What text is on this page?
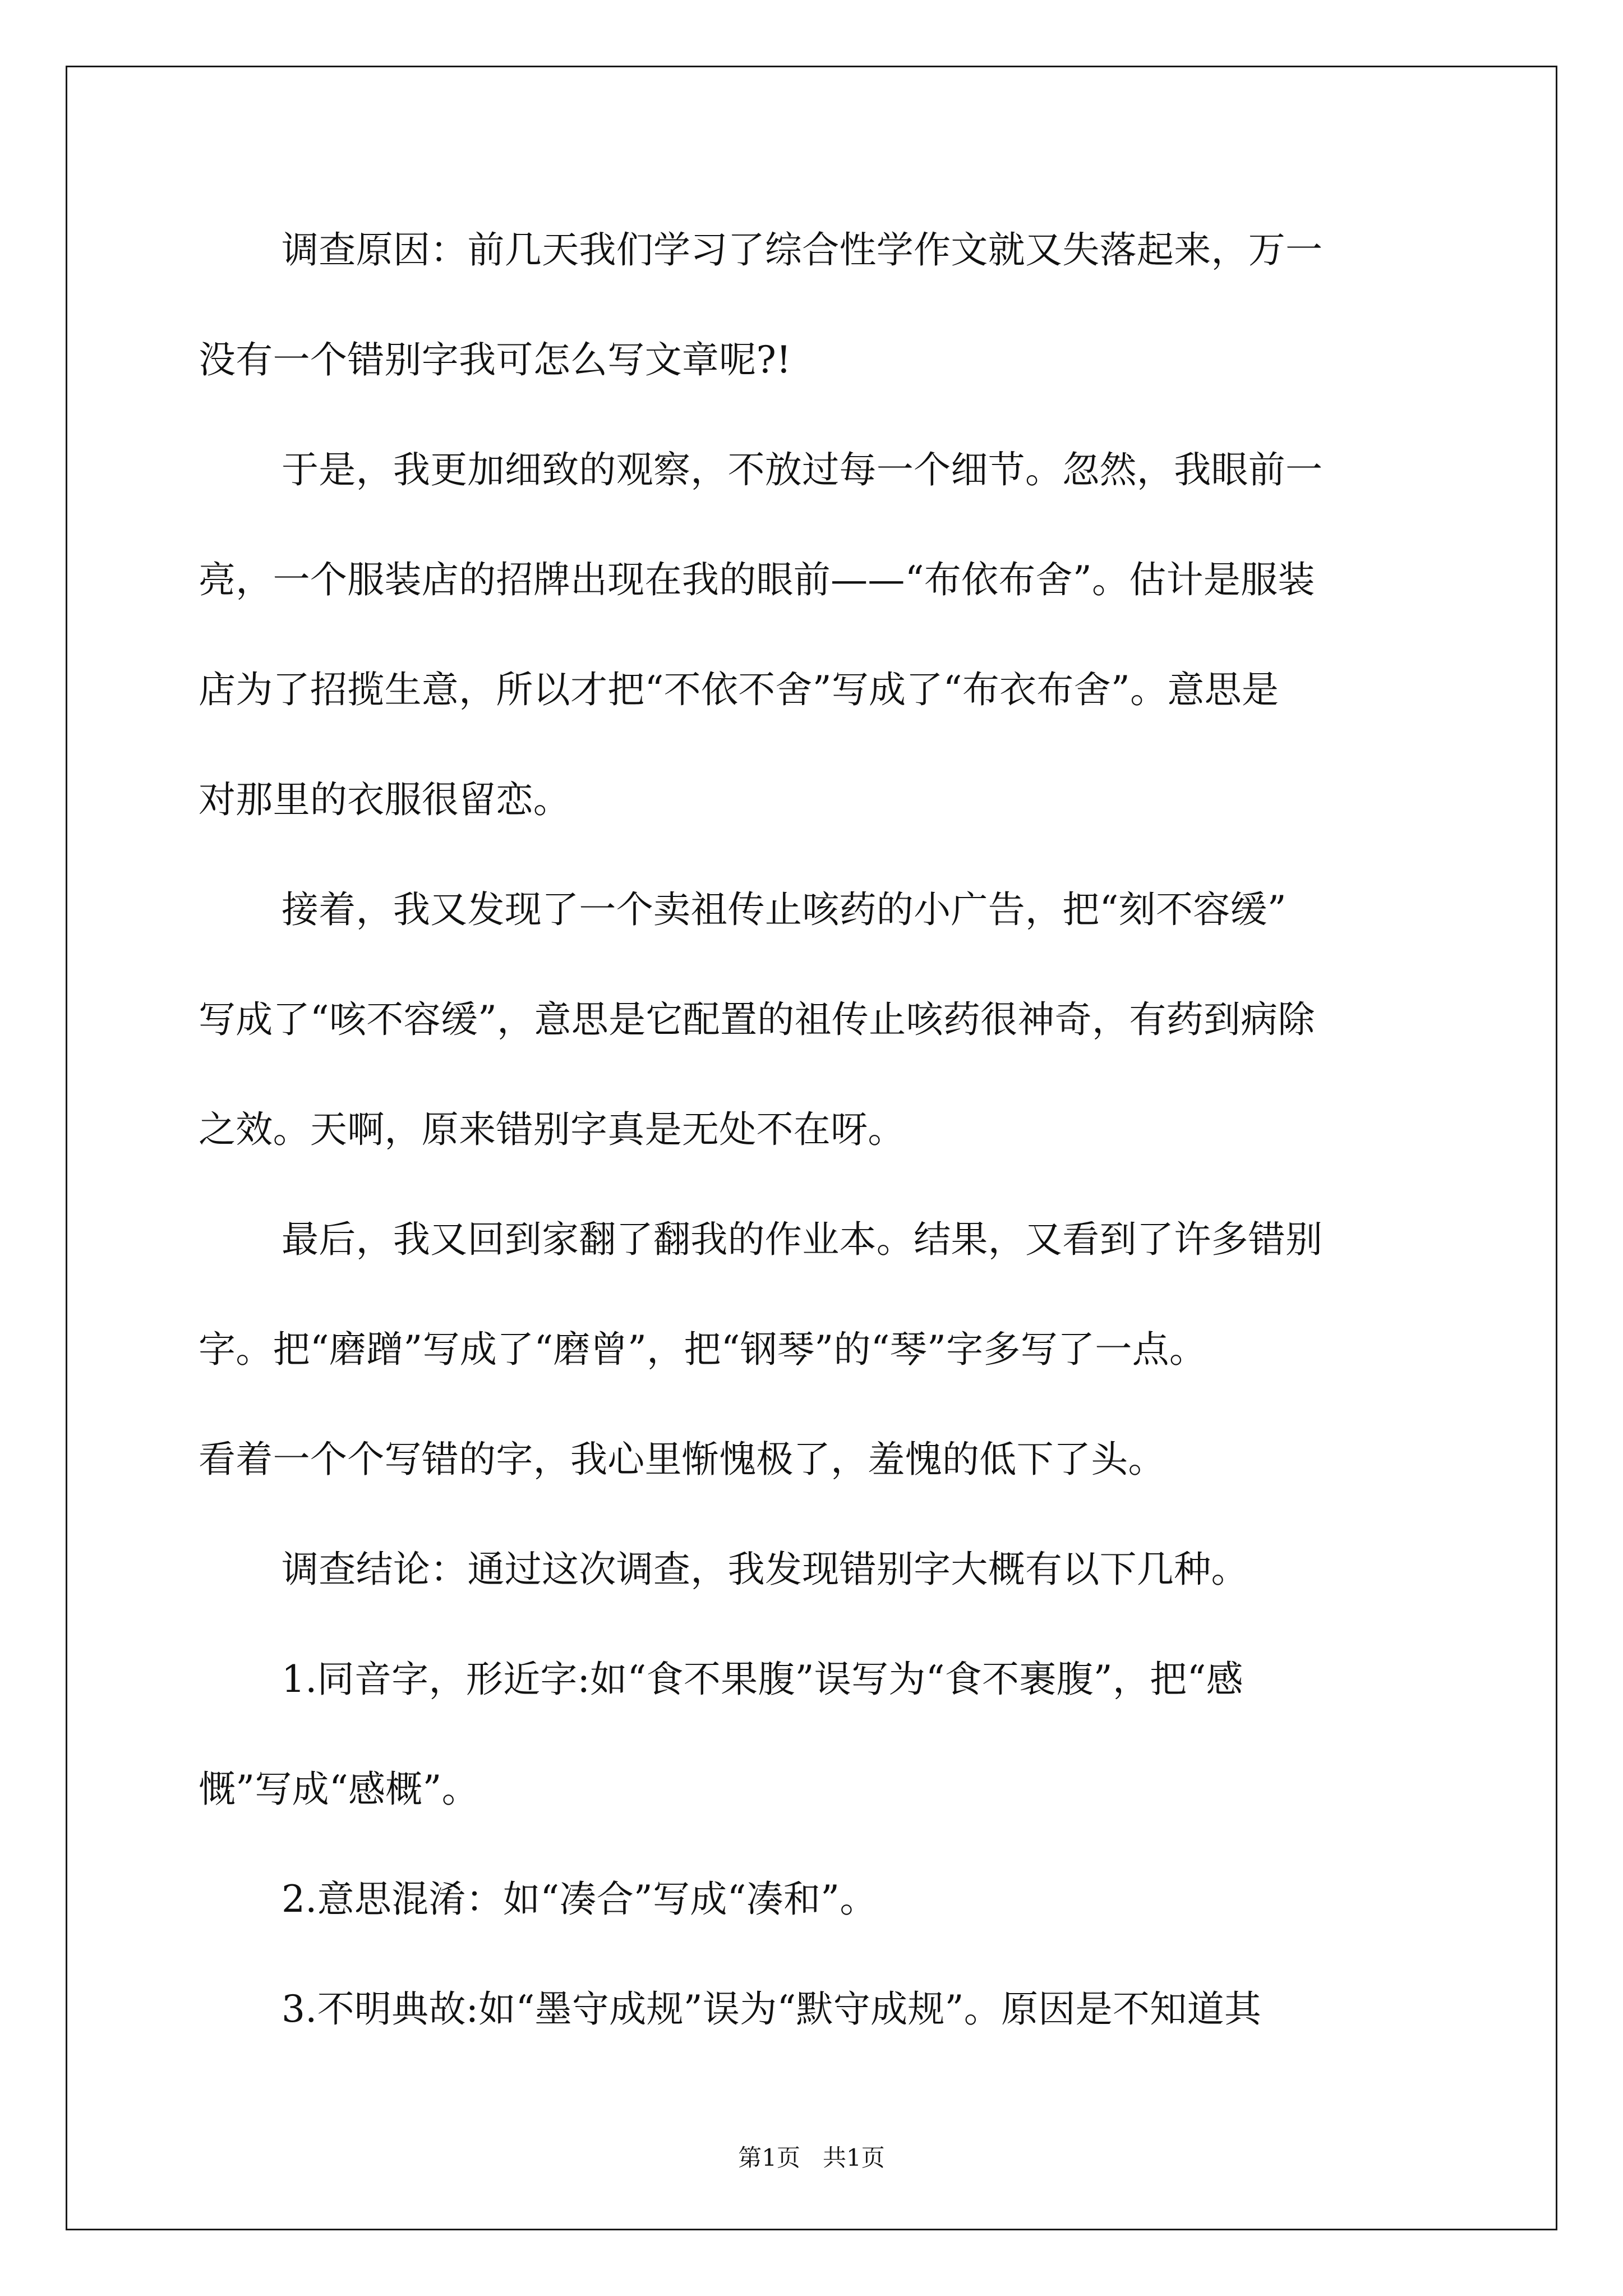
调查原因：前几天我们学习了综合性学作文就又失落起来，万一
没有一个错别字我可怎么写文章呢?!
于是，我更加细致的观察，不放过每一个细节。忽然，我眼前一
亮，一个服装店的招牌出现在我的眼前——“布依布舍”。估计是服装
店为了招揽生意，所以才把“不依不舍”写成了“布衣布舍”。意思是
对那里的衣服很留恋。
接着，我又发现了一个卖祖传止咳药的小广告，把“刻不容缓”
写成了“咳不容缓”，意思是它配置的祖传止咳药很神奇，有药到病除
之效。天啊，原来错别字真是无处不在呀。
最后，我又回到家翻了翻我的作业本。结果，又看到了许多错别
字。把“磨蹭”写成了“磨曾”，把“钢琴”的“琴”字多写了一点。
看着一个个写错的字，我心里惭愧极了，羞愧的低下了头。
调查结论：通过这次调查，我发现错别字大概有以下几种。
1.同音字，形近字:如“食不果腹”误写为“食不裹腹”，把“感
慨”写成“感概”。
2.意思混淆：如“凑合”写成“凑和”。
3.不明典故:如“墨守成规”误为“默守成规”。原因是不知道其
第1页   共1页
